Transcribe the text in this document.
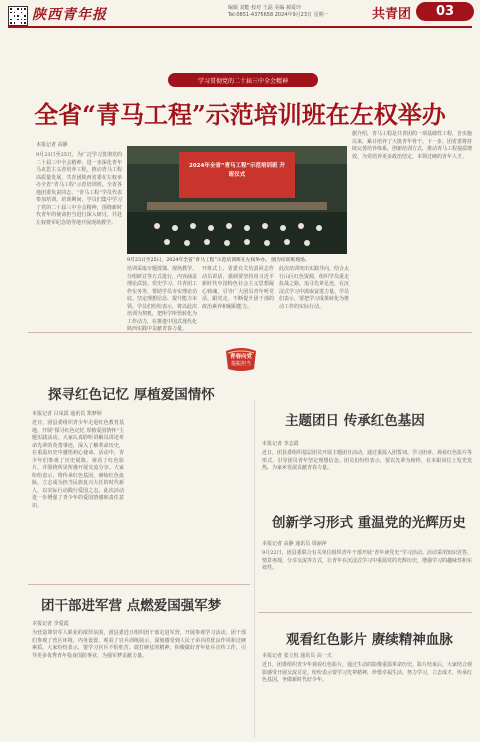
陕西青年报	编辑 刘能 校对 王磊 美编 郝爱玲
Tel:0851-4375658 2024年9月23日 星期一	共青团	03
学习贯彻党的二十届三中全会精神
全省“青马工程”示范培训班在左权举办
本报记者 高静
9月23日至25日，为广泛学习贯彻党的二十届三中全会精神，进一步深化青年马克思主义者培养工程，推动青马工程高质量发展，共青团陕西省委在左权举办全省“青马工程”示范培训班。全省各地团委负责同志、“青马工程”学员代表参加培训。培训期间，学员们集中学习了党的二十届三中全会精神，围绕新时代青年的使命担当进行深入研讨，并赴左权将军纪念馆等地开展现场教学。
2024年全省“青马工程”示范培训班 开班仪式
9月23日至25日，2024年全省“青马工程”示范培训班在左权举办。 图为培训班现场。
据介绍，青马工程是共青团的一项基础性工程，自实施以来，累计培养了大批青年骨干。下一步，团省委将持续完善培养体系，创新培训方式，推动青马工程提质增效，为党培养更多政治坚定、本领过硬的青年人才。
培训采取专题授课、现场教学、分组研讨等方式进行，内容涵盖理论武装、党史学习、共青团工作实务等，帮助学员夯实理论功底、坚定理想信念、提升能力本领。学员们纷纷表示，将以此次培训为契机，把所学所悟转化为工作动力，在推进中国式现代化陕西实践中贡献青春力量。
开班式上，省委有关负责同志作动员讲话，强调要坚持用习近平新时代中国特色社会主义思想凝心铸魂，引导广大团员青年听党话、跟党走，不断提升团干部的政治素养和履职能力。
此次培训突出实践导向，结合太行山区红色资源，组织学员重走抗战之路，追寻先辈足迹，在沉浸式学习中汲取奋进力量。学员们表示，要把学习成果转化为推动工作的实际行动。
青春向党
提振担当
探寻红色记忆 厚植爱国情怀
本报记者 吕凤霞 通讯员 郑梦婷
近日，团县委组织青少年走进红色教育基地，开展“探寻红色记忆 厚植爱国情怀”主题实践活动。大家认真聆听讲解员讲述革命先辈的英勇事迹，深入了解革命历史，在重温历史中感悟初心使命。活动中，青少年们参观了历史展陈、观看了红色影片，并围绕所见所感开展交流分享。大家纷纷表示，将传承红色基因，赓续红色血脉，立志成为担当民族复兴大任的时代新人，以实际行动践行爱国之志。此次活动进一步增强了青少年的爱国情感和责任意识。
主题团日 传承红色基因
本报记者 李志霞
近日，团县委组织基层团员开展主题团日活动，通过重温入团誓词、学习团章、观看红色影片等形式，引导团员青年坚定理想信念。团员们纷纷表示，要以先辈为榜样，在本职岗位上发光发热，为家乡发展贡献青春力量。
创新学习形式 重温党的光辉历史
本报记者 高静 通讯员 周丽萍
9月22日，团县委联合有关单位组织青年干部开展“青年读党史”学习活动。活动采用知识竞答、情景再现、分享交流等方式，让青年在沉浸式学习中重温党的光辉历史，增强学习的趣味性和实效性。
团干部进军营 点燃爱国强军梦
本报记者 李爱霞
为营造尊崇军人职业的浓厚氛围，团县委近日组织团干部走进军营，开展参观学习活动。团干部们参观了营区环境、内务设置，观看了官兵训练展示，深刻感受到人民子弟兵的优良作风和过硬素质。大家纷纷表示，要学习官兵不怕吃苦、敢打硬仗的精神，积极做好青年征兵宣传工作，引导更多优秀青年投身国防事业，为强军梦贡献力量。
观看红色影片 赓续精神血脉
本报记者 张立恒 通讯员 高一夫
近日，团委组织青少年观看红色影片，通过生动的影像重温革命历史。影片结束后，大家结合观影感受开展交流讨论，纷纷表示要学习先辈精神，珍惜幸福生活，努力学习，立志成才，传承红色基因，争做新时代好少年。
